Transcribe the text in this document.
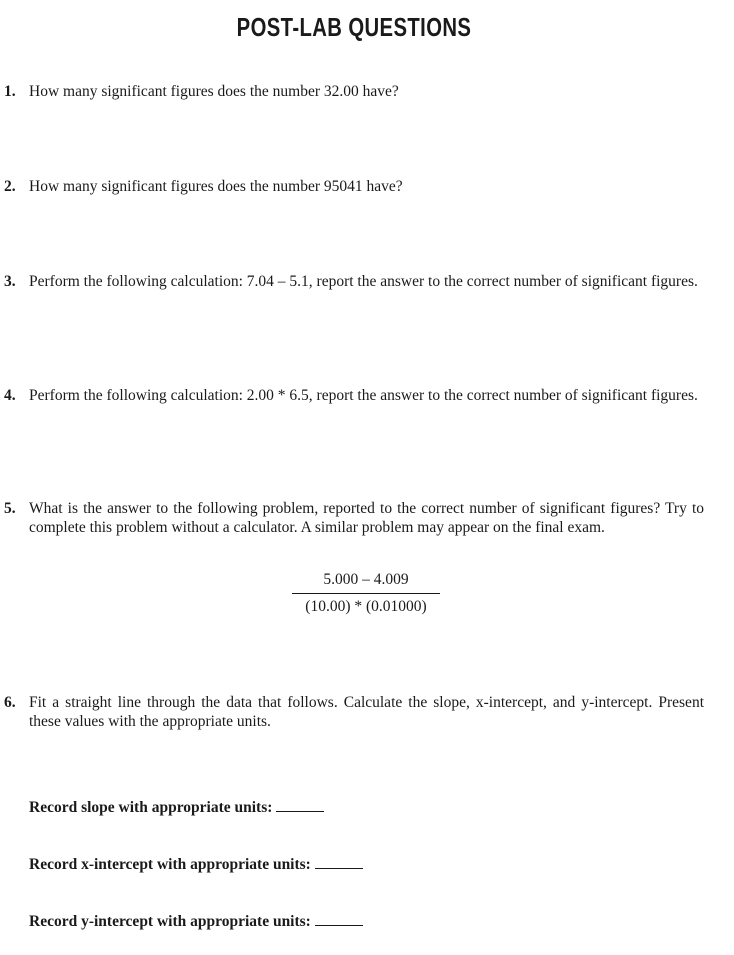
POST-LAB QUESTIONS
1. How many significant figures does the number 32.00 have?
2. How many significant figures does the number 95041 have?
3. Perform the following calculation: 7.04 – 5.1, report the answer to the correct number of significant figures.
4. Perform the following calculation: 2.00 * 6.5, report the answer to the correct number of significant figures.
5. What is the answer to the following problem, reported to the correct number of significant figures? Try to complete this problem without a calculator. A similar problem may appear on the final exam.
5.000 – 4.009
(10.00) * (0.01000)
6. Fit a straight line through the data that follows. Calculate the slope, x-intercept, and y-intercept. Present these values with the appropriate units.
Record slope with appropriate units:
Record x-intercept with appropriate units:
Record y-intercept with appropriate units:
